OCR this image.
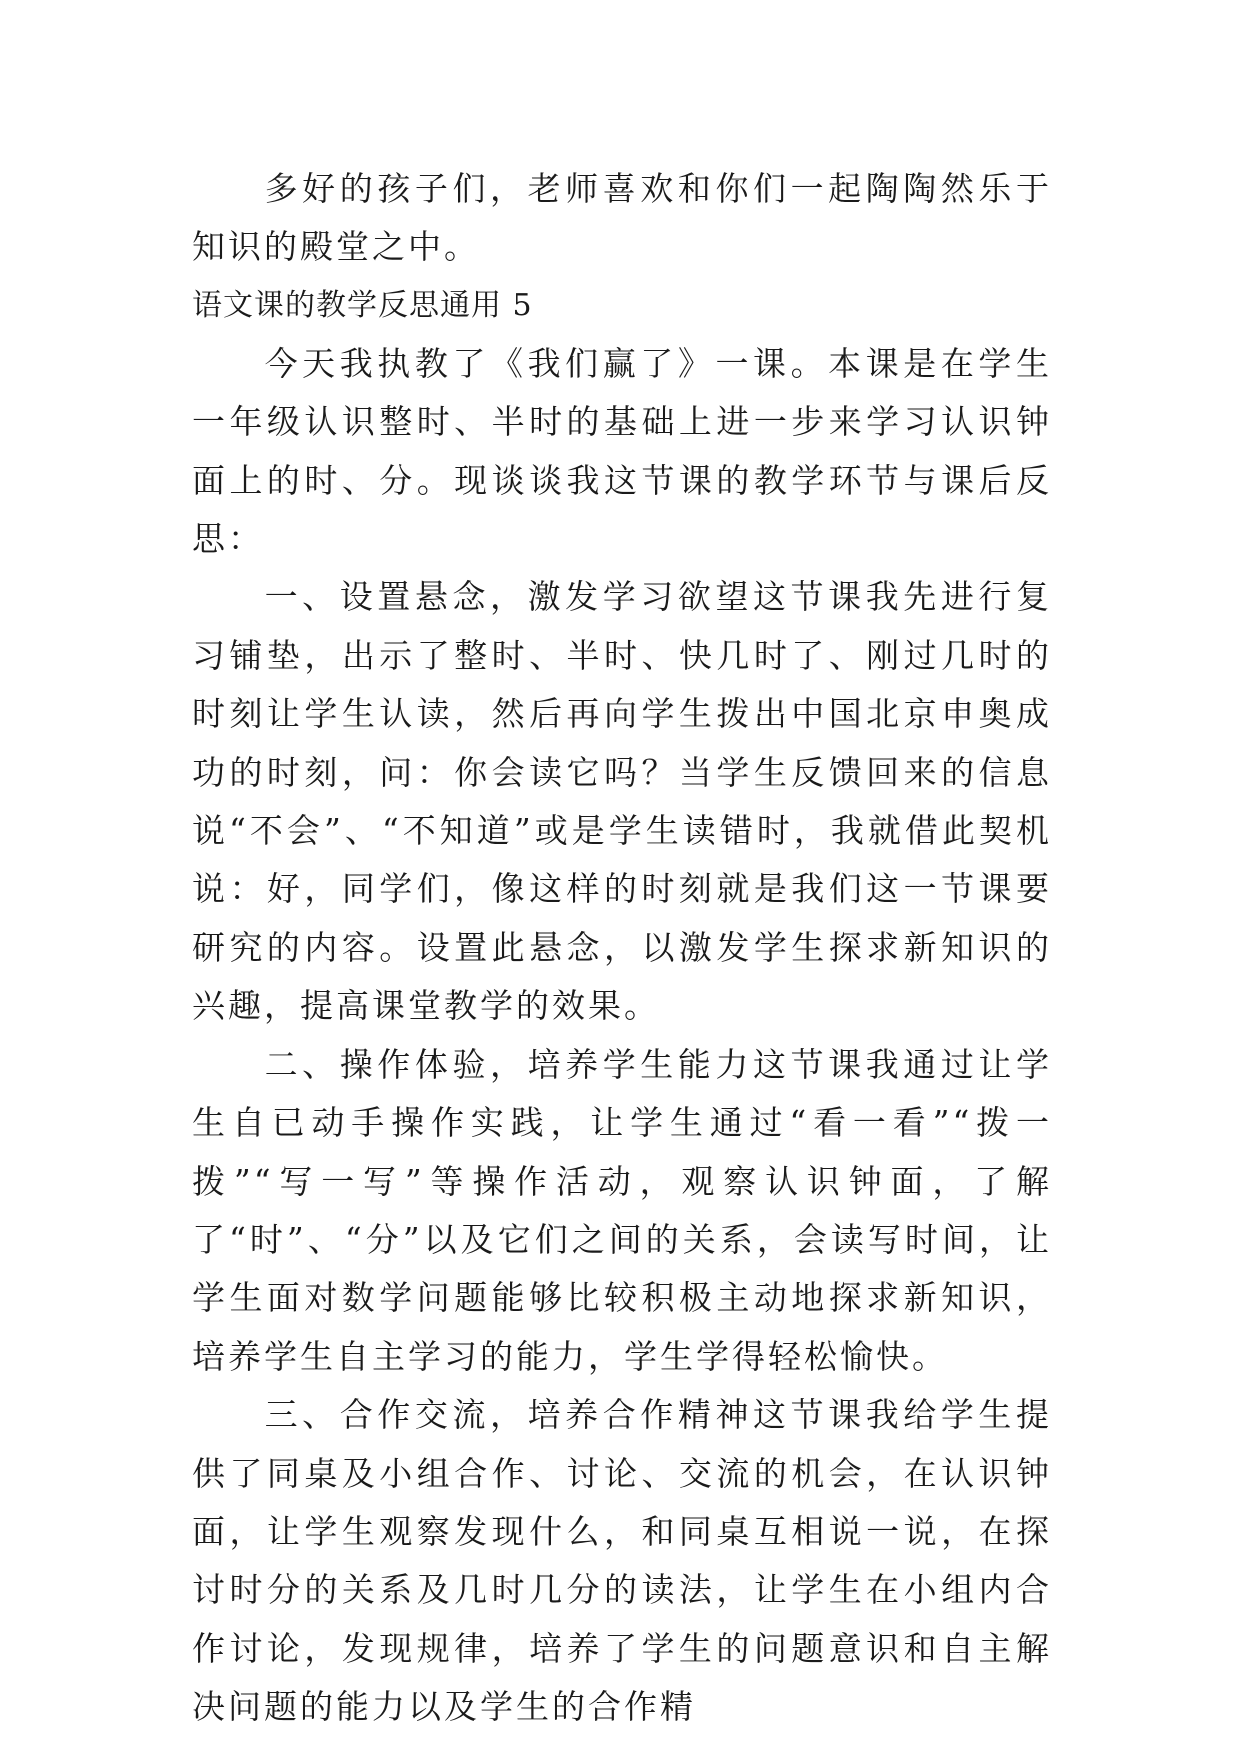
多好的孩子们，老师喜欢和你们一起陶陶然乐于知识的殿堂之中。

语文课的教学反思通用 5

今天我执教了《我们赢了》一课。本课是在学生一年级认识整时、半时的基础上进一步来学习认识钟面上的时、分。现谈谈我这节课的教学环节与课后反思：

一、设置悬念，激发学习欲望这节课我先进行复习铺垫，出示了整时、半时、快几时了、刚过几时的时刻让学生认读，然后再向学生拨出中国北京申奥成功的时刻，问：你会读它吗？当学生反馈回来的信息说“不会”、“不知道”或是学生读错时，我就借此契机说：好，同学们，像这样的时刻就是我们这一节课要研究的内容。设置此悬念，以激发学生探求新知识的兴趣，提高课堂教学的效果。

二、操作体验，培养学生能力这节课我通过让学生自已动手操作实践，让学生通过“看一看”“拨一拨”“写一写”等操作活动，观察认识钟面，了解了“时”、“分”以及它们之间的关系，会读写时间，让学生面对数学问题能够比较积极主动地探求新知识，培养学生自主学习的能力，学生学得轻松愉快。

三、合作交流，培养合作精神这节课我给学生提供了同桌及小组合作、讨论、交流的机会，在认识钟面，让学生观察发现什么，和同桌互相说一说，在探讨时分的关系及几时几分的读法，让学生在小组内合作讨论，发现规律，培养了学生的问题意识和自主解决问题的能力以及学生的合作精
